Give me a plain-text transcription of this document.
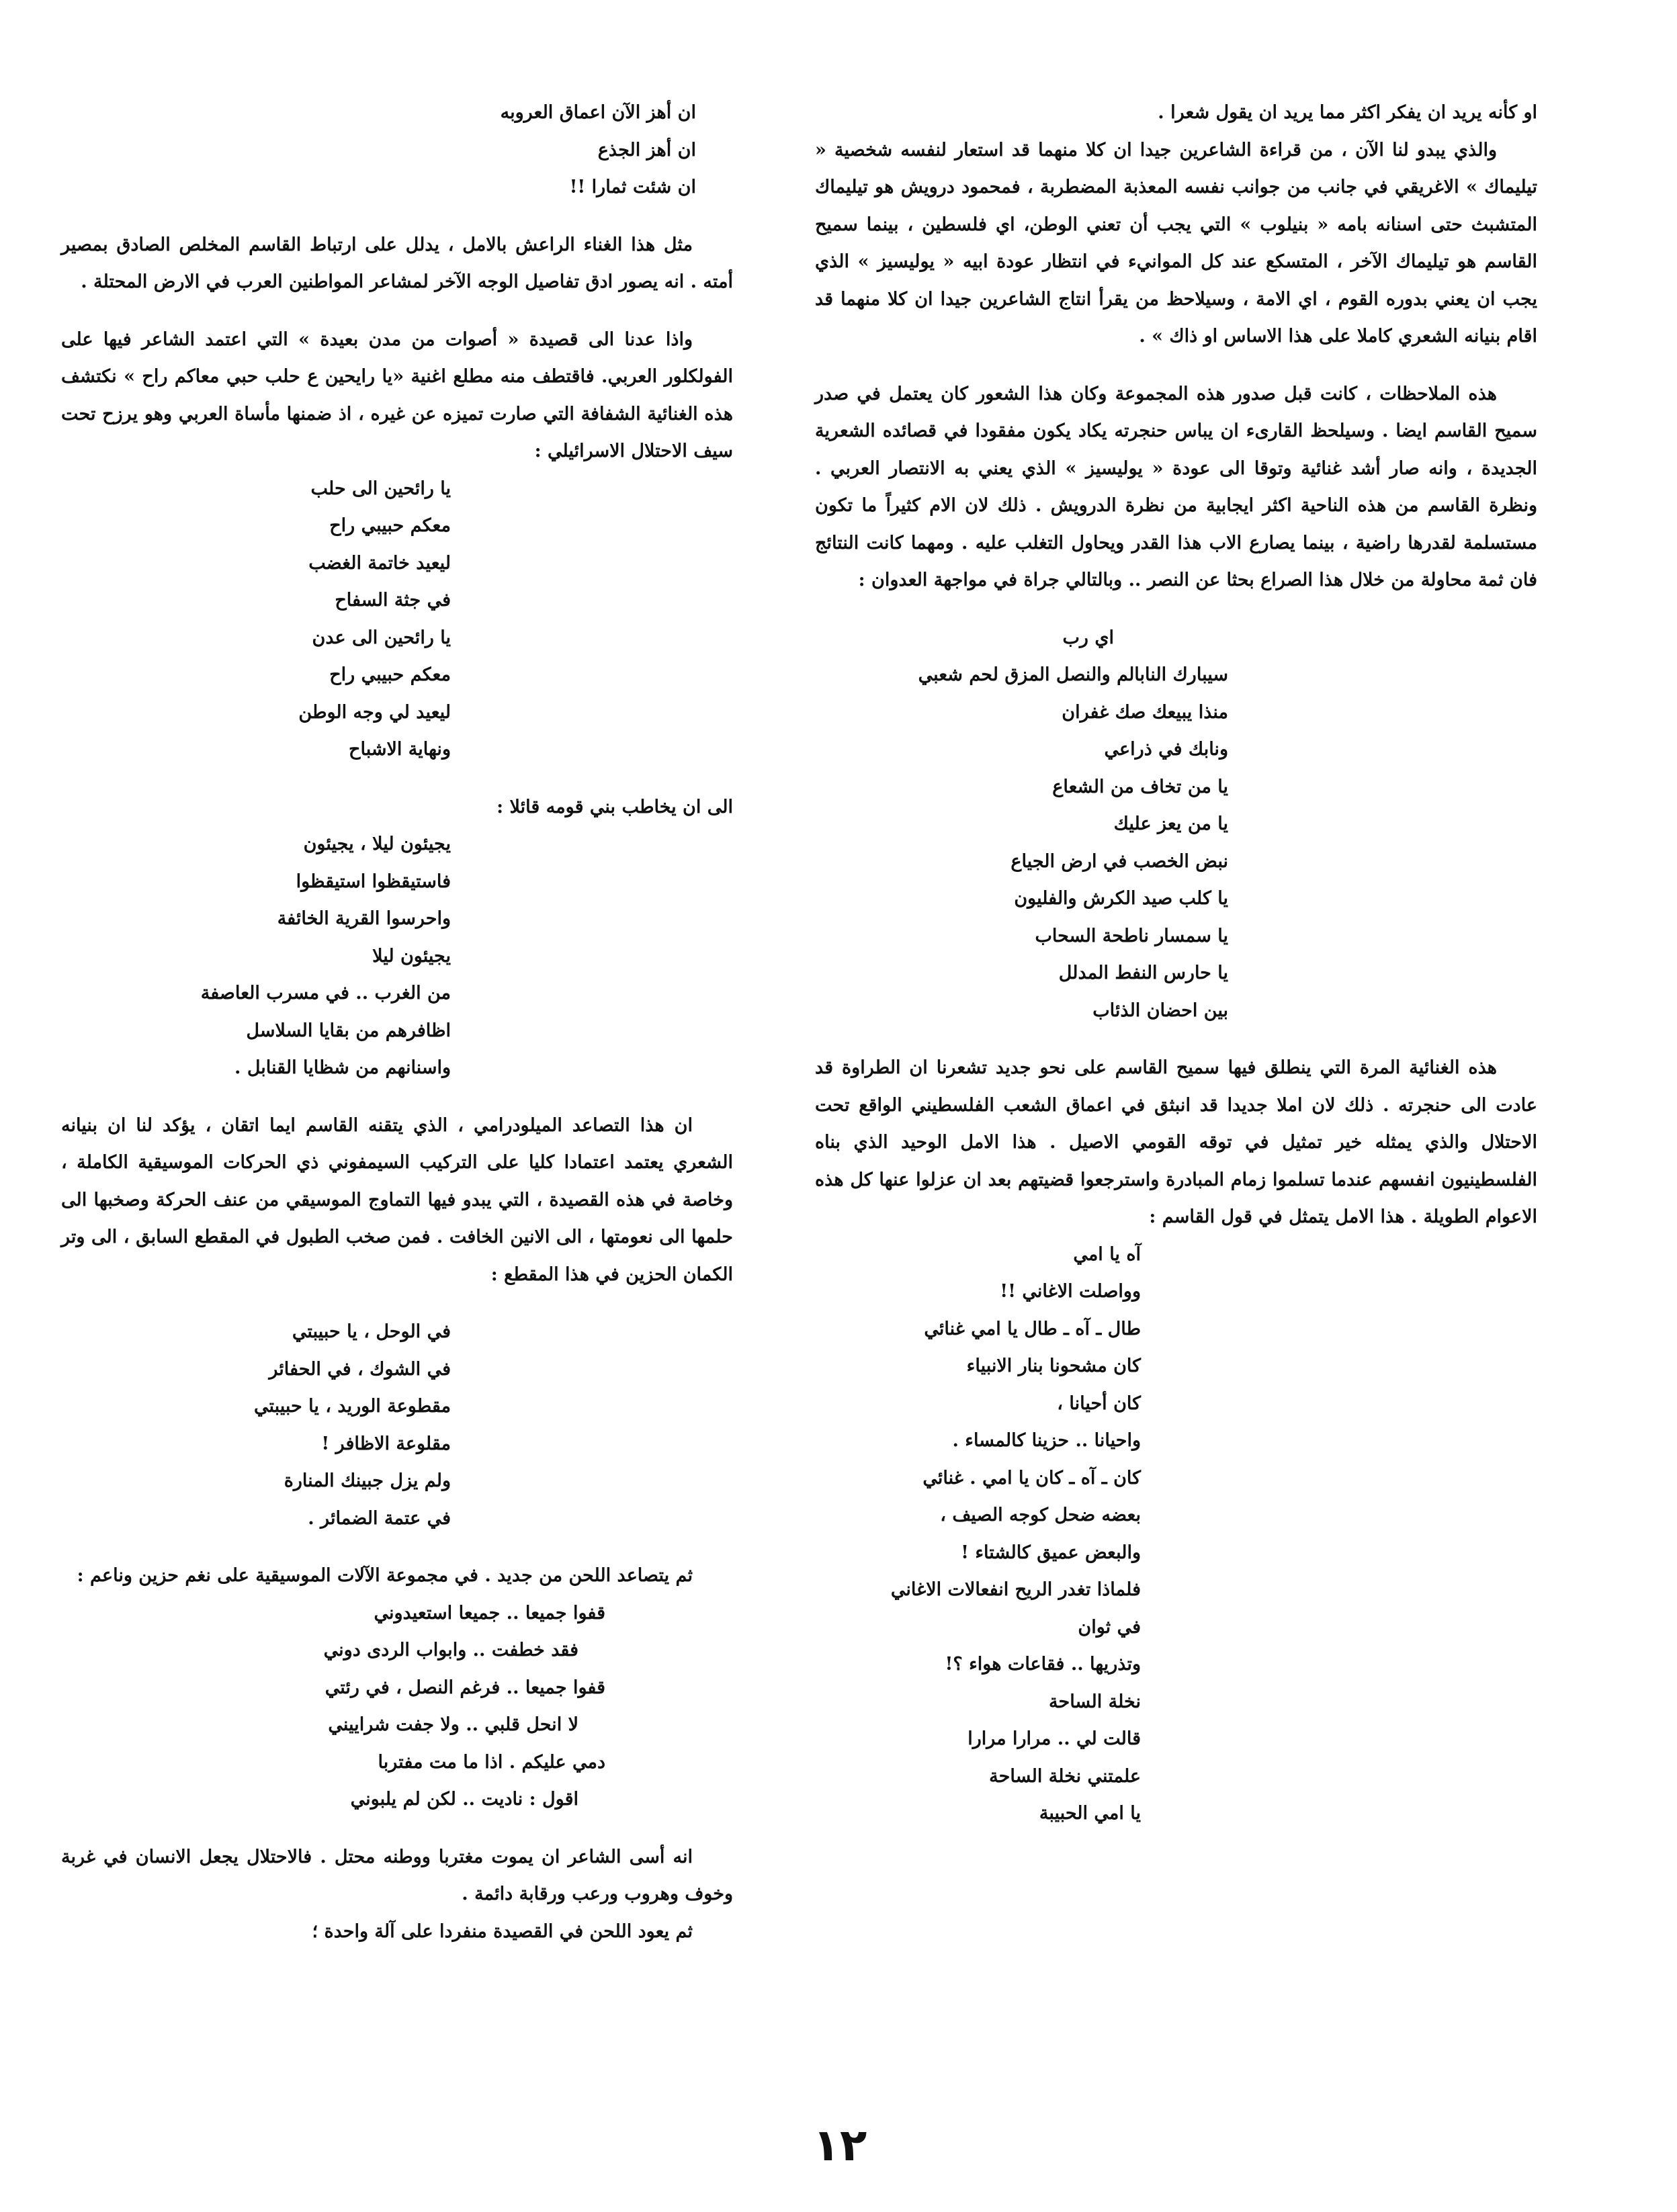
او كأنه يريد ان يفكر اكثر مما يريد ان يقول شعرا .

والذي يبدو لنا الآن ، من قراءة الشاعرين جيدا ان كلا منهما قد استعار لنفسه شخصية « تيليماك » الاغريقي في جانب من جوانب نفسه المعذبة المضطربة ، فمحمود درويش هو تيليماك المتشبث حتى اسنانه بامه « بنيلوب » التي يجب أن تعني الوطن، اي فلسطين ، بينما سميح القاسم هو تيليماك الآخر ، المتسكع عند كل الموانيء في انتظار عودة ابيه « يوليسيز » الذي يجب ان يعني بدوره القوم ، اي الامة ، وسيلاحظ من يقرأ انتاج الشاعرين جيدا ان كلا منهما قد اقام بنيانه الشعري كاملا على هذا الاساس او ذاك » .

هذه الملاحظات ، كانت قبل صدور هذه المجموعة وكان هذا الشعور كان يعتمل في صدر سميح القاسم ايضا . وسيلحظ القارىء ان يباس حنجرته يكاد يكون مفقودا في قصائده الشعرية الجديدة ، وانه صار أشد غنائية وتوقا الى عودة « يوليسيز » الذي يعني به الانتصار العربي . ونظرة القاسم من هذه الناحية اكثر ايجابية من نظرة الدرويش . ذلك لان الام كثيراً ما تكون مستسلمة لقدرها راضية ، بينما يصارع الاب هذا القدر ويحاول التغلب عليه . ومهما كانت النتائج فان ثمة محاولة من خلال هذا الصراع بحثا عن النصر .. وبالتالي جراة في مواجهة العدوان :

اي رب
سيبارك النابالم والنصل المزق لحم شعبي
منذا يبيعك صك غفران
ونابك في ذراعي
يا من تخاف من الشعاع
يا من يعز عليك
نبض الخصب في ارض الجياع
يا كلب صيد الكرش والفليون
يا سمسار ناطحة السحاب
يا حارس النفط المدلل
بين احضان الذئاب

هذه الغنائية المرة التي ينطلق فيها سميح القاسم على نحو جديد تشعرنا ان الطراوة قد عادت الى حنجرته . ذلك لان املا جديدا قد انبثق في اعماق الشعب الفلسطيني الواقع تحت الاحتلال والذي يمثله خير تمثيل في توقه القومي الاصيل . هذا الامل الوحيد الذي بناه الفلسطينيون انفسهم عندما تسلموا زمام المبادرة واسترجعوا قضيتهم بعد ان عزلوا عنها كل هذه الاعوام الطويلة . هذا الامل يتمثل في قول القاسم :

آه يا امي
وواصلت الاغاني !!
طال ـ آه ـ طال يا امي غنائي
كان مشحونا بنار الانبياء
كان أحيانا ،
واحيانا .. حزينا كالمساء .
كان ـ آه ـ كان يا امي . غنائي
بعضه ضحل كوجه الصيف ،
والبعض عميق كالشتاء !
فلماذا تغدر الريح انفعالات الاغاني
في ثوان
وتذريها .. فقاعات هواء ؟!
نخلة الساحة
قالت لي .. مرارا مرارا
علمتني نخلة الساحة
يا امي الحبيبة
ان أهز الآن اعماق العروبه
ان أهز الجذع
ان شئت ثمارا !!

مثل هذا الغناء الراعش بالامل ، يدلل على ارتباط القاسم المخلص الصادق بمصير أمته . انه يصور ادق تفاصيل الوجه الآخر لمشاعر المواطنين العرب في الارض المحتلة .

واذا عدنا الى قصيدة « أصوات من مدن بعيدة » التي اعتمد الشاعر فيها على الفولكلور العربي. فاقتطف منه مطلع اغنية «يا رايحين ع حلب حبي معاكم راح » نكتشف هذه الغنائية الشفافة التي صارت تميزه عن غيره ، اذ ضمنها مأساة العربي وهو يرزح تحت سيف الاحتلال الاسرائيلي :

يا رائحين الى حلب
معكم حبيبي راح
ليعيد خاتمة الغضب
في جثة السفاح
يا رائحين الى عدن
معكم حبيبي راح
ليعيد لي وجه الوطن
ونهاية الاشباح

الى ان يخاطب بني قومه قائلا :

يجيئون ليلا ، يجيئون
فاستيقظوا استيقظوا
واحرسوا القرية الخائفة
يجيئون ليلا
من الغرب .. في مسرب العاصفة
اظافرهم من بقايا السلاسل
واسنانهم من شظايا القنابل .

ان هذا التصاعد الميلودرامي ، الذي يتقنه القاسم ايما اتقان ، يؤكد لنا ان بنيانه الشعري يعتمد اعتمادا كليا على التركيب السيمفوني ذي الحركات الموسيقية الكاملة ، وخاصة في هذه القصيدة ، التي يبدو فيها التماوج الموسيقي من عنف الحركة وصخبها الى حلمها الى نعومتها ، الى الانين الخافت . فمن صخب الطبول في المقطع السابق ، الى وتر الكمان الحزين في هذا المقطع :

في الوحل ، يا حبيبتي
في الشوك ، في الحفائر
مقطوعة الوريد ، يا حبيبتي
مقلوعة الاظافر !
ولم يزل جبينك المنارة
في عتمة الضمائر .

ثم يتصاعد اللحن من جديد . في مجموعة الآلات الموسيقية على نغم حزين وناعم :

قفوا جميعا .. جميعا استعيدوني
فقد خطفت .. وابواب الردى دوني
قفوا جميعا .. فرغم النصل ، في رئتي
لا انحل قلبي .. ولا جفت شراييني
دمي عليكم . اذا ما مت مفتربا
اقول : ناديت .. لكن لم يلبوني

انه أسى الشاعر ان يموت مغتربا ووطنه محتل . فالاحتلال يجعل الانسان في غربة وخوف وهروب ورعب ورقابة دائمة .

ثم يعود اللحن في القصيدة منفردا على آلة واحدة ؛

١٢
